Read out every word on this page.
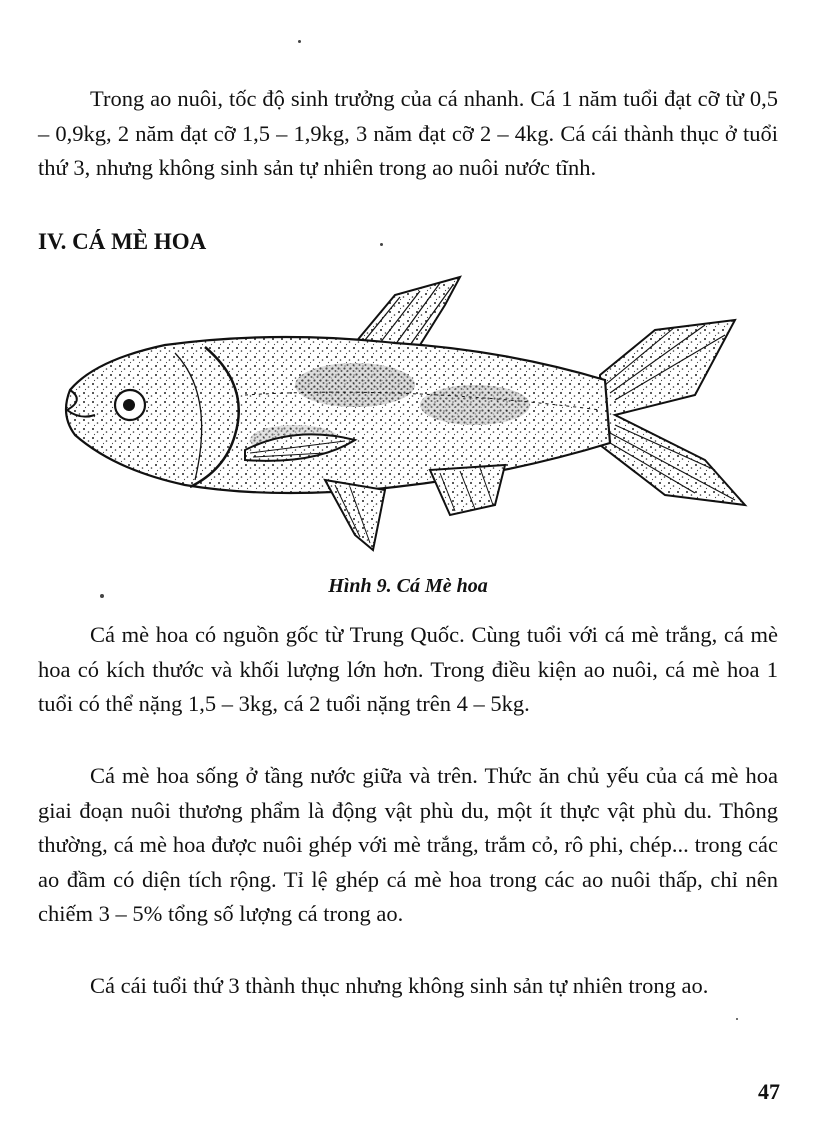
Trong ao nuôi, tốc độ sinh trưởng của cá nhanh. Cá 1 năm tuổi đạt cỡ từ 0,5 – 0,9kg, 2 năm đạt cỡ 1,5 – 1,9kg, 3 năm đạt cỡ 2 – 4kg. Cá cái thành thục ở tuổi thứ 3, nhưng không sinh sản tự nhiên trong ao nuôi nước tĩnh.

IV. CÁ MÈ HOA
Hình 9. Cá Mè hoa

Cá mè hoa có nguồn gốc từ Trung Quốc. Cùng tuổi với cá mè trắng, cá mè hoa có kích thước và khối lượng lớn hơn. Trong điều kiện ao nuôi, cá mè hoa 1 tuổi có thể nặng 1,5 – 3kg, cá 2 tuổi nặng trên 4 – 5kg.

Cá mè hoa sống ở tầng nước giữa và trên. Thức ăn chủ yếu của cá mè hoa giai đoạn nuôi thương phẩm là động vật phù du, một ít thực vật phù du. Thông thường, cá mè hoa được nuôi ghép với mè trắng, trắm cỏ, rô phi, chép... trong các ao đầm có diện tích rộng. Tỉ lệ ghép cá mè hoa trong các ao nuôi thấp, chỉ nên chiếm 3 – 5% tổng số lượng cá trong ao.

Cá cái tuổi thứ 3 thành thục nhưng không sinh sản tự nhiên trong ao.

47
